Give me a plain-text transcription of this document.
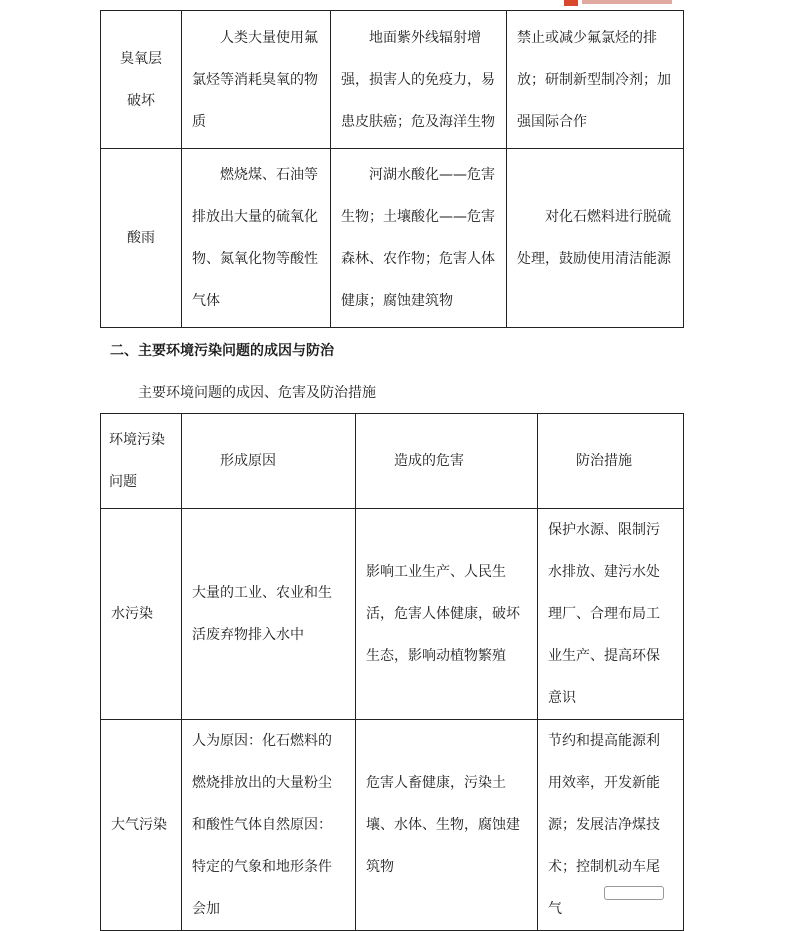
臭氧层破坏	人类大量使用氟氯烃等消耗臭氧的物质	地面紫外线辐射增强，损害人的免疫力，易患皮肤癌；危及海洋生物	禁止或减少氟氯烃的排放；研制新型制冷剂；加强国际合作
酸雨	燃烧煤、石油等排放出大量的硫氧化物、氮氧化物等酸性气体	河湖水酸化——危害生物；土壤酸化——危害森林、农作物；危害人体健康；腐蚀建筑物	对化石燃料进行脱硫处理，鼓励使用清洁能源
二、主要环境污染问题的成因与防治
主要环境问题的成因、危害及防治措施
环境污染问题	形成原因	造成的危害	防治措施
水污染	大量的工业、农业和生活废弃物排入水中	影响工业生产、人民生活，危害人体健康，破坏生态，影响动植物繁殖	保护水源、限制污水排放、建污水处理厂、合理布局工业生产、提高环保意识
大气污染	人为原因：化石燃料的燃烧排放出的大量粉尘和酸性气体自然原因：特定的气象和地形条件会加	危害人畜健康，污染土壤、水体、生物，腐蚀建筑物	节约和提高能源利用效率，开发新能源；发展洁净煤技术；控制机动车尾气
